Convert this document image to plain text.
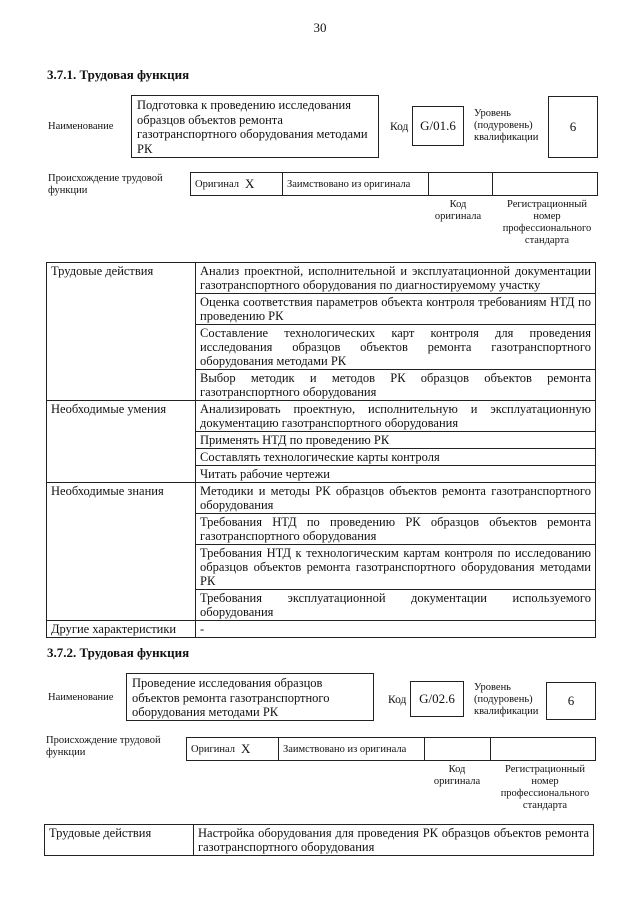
30
3.7.1. Трудовая функция
Наименование
Подготовка к проведению исследования образцов объектов ремонта газотранспортного оборудования методами РК
Код G/01.6
Уровень (подуровень) квалификации
6
Происхождение трудовой функции
Оригинал X	Заимствовано из оригинала
Код оригинала
Регистрационный номер профессионального стандарта
Трудовые действия	Анализ проектной, исполнительной и эксплуатационной документации газотранспортного оборудования по диагностируемому участку
	Оценка соответствия параметров объекта контроля требованиям НТД по проведению РК
	Составление технологических карт контроля для проведения исследования образцов объектов ремонта газотранспортного оборудования методами РК
	Выбор методик и методов РК образцов объектов ремонта газотранспортного оборудования
Необходимые умения	Анализировать проектную, исполнительную и эксплуатационную документацию газотранспортного оборудования
	Применять НТД по проведению РК
	Составлять технологические карты контроля
	Читать рабочие чертежи
Необходимые знания	Методики и методы РК образцов объектов ремонта газотранспортного оборудования
	Требования НТД по проведению РК образцов объектов ремонта газотранспортного оборудования
	Требования НТД к технологическим картам контроля по исследованию образцов объектов ремонта газотранспортного оборудования методами РК
	Требования эксплуатационной документации используемого оборудования
Другие характеристики	-
3.7.2. Трудовая функция
Наименование
Проведение исследования образцов объектов ремонта газотранспортного оборудования методами РК
Код G/02.6
Уровень (подуровень) квалификации
6
Происхождение трудовой функции	Оригинал X	Заимствовано из оригинала
Код оригинала
Регистрационный номер профессионального стандарта
Трудовые действия	Настройка оборудования для проведения РК образцов объектов ремонта газотранспортного оборудования
